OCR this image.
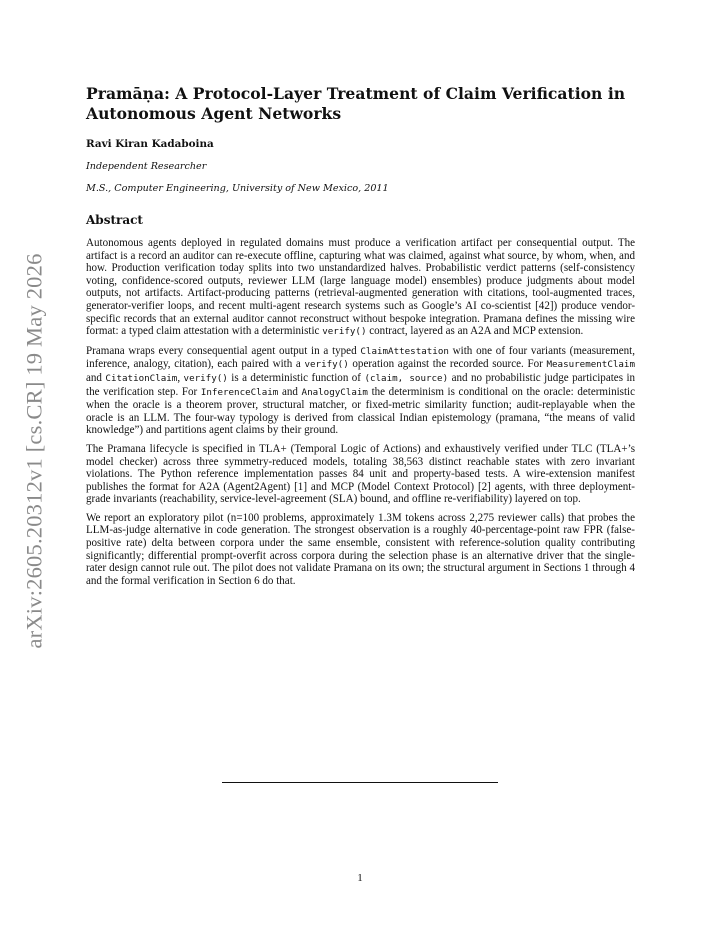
arXiv:2605.20312v1 [cs.CR] 19 May 2026
Pramāṇa: A Protocol-Layer Treatment of Claim Verification in Autonomous Agent Networks
Ravi Kiran Kadaboina
Independent Researcher
M.S., Computer Engineering, University of New Mexico, 2011
Abstract

Autonomous agents deployed in regulated domains must produce a verification artifact per consequential output. The artifact is a record an auditor can re-execute offline, capturing what was claimed, against what source, by whom, when, and how. Production verification today splits into two unstandardized halves. Probabilistic verdict patterns (self-consistency voting, confidence-scored outputs, reviewer LLM (large language model) ensembles) produce judgments about model outputs, not artifacts. Artifact-producing patterns (retrieval-augmented generation with citations, tool-augmented traces, generator-verifier loops, and recent multi-agent research systems such as Google’s AI co-scientist [42]) produce vendor-specific records that an external auditor cannot reconstruct without bespoke integration. Pramana defines the missing wire format: a typed claim attestation with a deterministic verify() contract, layered as an A2A and MCP extension.

Pramana wraps every consequential agent output in a typed ClaimAttestation with one of four variants (measurement, inference, analogy, citation), each paired with a verify() operation against the recorded source. For MeasurementClaim and CitationClaim, verify() is a deterministic function of (claim, source) and no probabilistic judge participates in the verification step. For InferenceClaim and AnalogyClaim the determinism is conditional on the oracle: deterministic when the oracle is a theorem prover, structural matcher, or fixed-metric similarity function; audit-replayable when the oracle is an LLM. The four-way typology is derived from classical Indian epistemology (pramana, “the means of valid knowledge”) and partitions agent claims by their ground.

The Pramana lifecycle is specified in TLA+ (Temporal Logic of Actions) and exhaustively verified under TLC (TLA+’s model checker) across three symmetry-reduced models, totaling 38,563 distinct reachable states with zero invariant violations. The Python reference implementation passes 84 unit and property-based tests. A wire-extension manifest publishes the format for A2A (Agent2Agent) [1] and MCP (Model Context Protocol) [2] agents, with three deployment-grade invariants (reachability, service-level-agreement (SLA) bound, and offline re-verifiability) layered on top.

We report an exploratory pilot (n=100 problems, approximately 1.3M tokens across 2,275 reviewer calls) that probes the LLM-as-judge alternative in code generation. The strongest observation is a roughly 40-percentage-point raw FPR (false-positive rate) delta between corpora under the same ensemble, consistent with reference-solution quality contributing significantly; differential prompt-overfit across corpora during the selection phase is an alternative driver that the single-rater design cannot rule out. The pilot does not validate Pramana on its own; the structural argument in Sections 1 through 4 and the formal verification in Section 6 do that.

1
